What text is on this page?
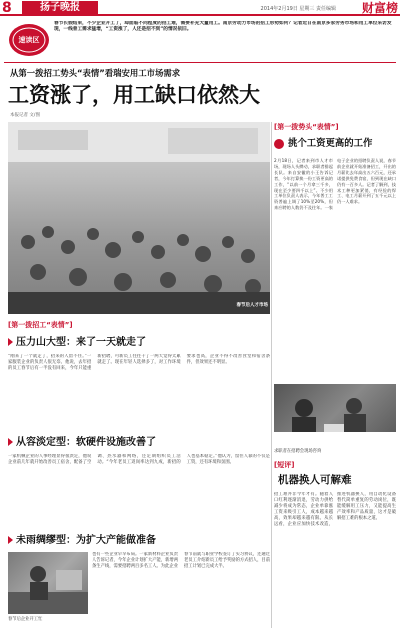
8	扬子晚报	2014年2月19日 星期三 责任编辑	财富榜
速读区
春节长假结束，不少企业开工了，却面临不同程度的招工难，需要补充大量用工。南京劳动力市场的招工形势如何？记者近日在南京多家劳务市场和用工单位采访发现，一线普工需求猛增，“工资涨了，人还是招不到”的情况依旧。
从第一拨招工势头“表情”看瑞安用工市场需求
工资涨了，用工缺口依然大
本报记者 文/图
春节后人才市场
[第一拨势头“表情”]
挑个工资更高的工作
2月18日，记者来到市人才市场，现场人头攒动，求职者排起长队。来自安徽的小王告诉记者，今年打算换一份工资更高的工作，“以前一个月拿三千多，现在至少要四千以上”。不少用工单位负责人表示，今年普工工资普遍上调了10%至20%，但来应聘的人数仍不及往年。一家电子企业的招聘负责人说，春节前企业就开始准备招工，开出的月薪比去年高出五六百元，还承诺提供免费食宿，但到现在缺口仍有一百多人。记者了解到，技术工种更加紧俏，有经验的焊工、电工月薪开到了五千元以上仍一人难求。
求职者在招聘会现场咨询
[短评]
机器换人可解难
招工难并非今年才有。随着人口红利逐渐消退，劳动力供给减少将成为常态，企业单靠涨工资来吸引工人，成本越来越高，效果却越来越有限。从长远看，企业应加快技术改造，推进机器换人，用自动化设备替代简单重复的劳动岗位，既能缓解用工压力，又能提高生产效率和产品质量，这才是破解招工难的根本之道。
[第一拨招工“表情”]
压力山大型：来了一天就走了
“刚来了一个就走了，招来的人留不住。”一家服装企业的负责人很无奈。他说，去年招的员工春节后有一半没有回来，今年只能重新招聘，可新员工往往干了一两天觉得太累就走了。现在年轻人选择多了，对工作环境要求也高，企业不得不改善食堂和宿舍条件，但效果还不明显。
从容淡定型：软硬件设施改善了
一家机械企业的人事经理显得很淡定，他说企业前几年就开始改善员工宿舍，配备了空调、热水器和网络，还定期组织员工活动。“今年老员工返岗率达到九成，新招的人也基本稳定。”他认为，留住人靠的不仅是工资，还有环境和氛围。
未雨绸缪型：为扩大产能做准备
春节后企业开工忙
也有一些企业早早布局。一家新材料企业负责人告诉记者，今年企业计划扩大产能，新增两条生产线，需要招聘两百多名工人。为此企业春节前就与职业学校签订了实习协议，还通过老员工介绍新员工给予奖励的方式招人，目前招工计划已完成大半。
